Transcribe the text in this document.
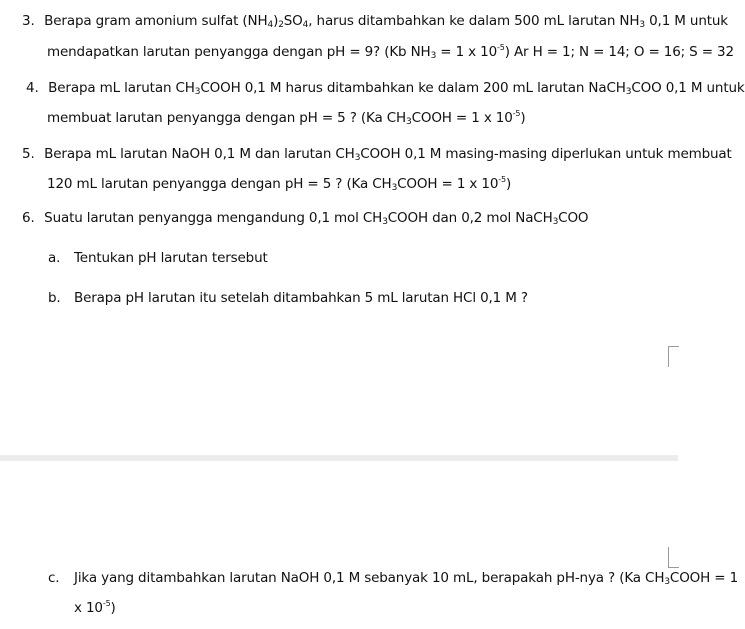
3. Berapa gram amonium sulfat $(NH_4)_2SO_4$, harus ditambahkan ke dalam 500 mL larutan $NH_3$ 0,1 M untuk
mendapatkan larutan penyangga dengan pH = 9? (Kb $NH_3 = 1$ x $10^{-5}$) Ar H = 1; N = 14; O = 16; S = 32
4. Berapa mL larutan $CH_3COOH$ 0,1 M harus ditambahkan ke dalam 200 mL larutan NaCH$_3$COO 0,1 M untuk
membuat larutan penyangga dengan pH = 5 ? (Ka $CH_3COOH = 1$ x $10^{-5}$)
5. Berapa mL larutan NaOH 0,1 M dan larutan $CH_3COOH$ 0,1 M masing-masing diperlukan untuk membuat
120 mL larutan penyangga dengan pH = 5 ? (Ka $CH_3COOH = 1$ x $10^{-5}$)
6. Suatu larutan penyangga mengandung 0,1 mol $CH_3COOH$ dan 0,2 mol NaCH$_3$COO
a. Tentukan pH larutan tersebut
b. Berapa pH larutan itu setelah ditambahkan 5 mL larutan HCl 0,1 M ?
c. Jika yang ditambahkan larutan NaOH 0,1 M sebanyak 10 mL, berapakah pH-nya ? (Ka $CH_3COOH = 1$
x $10^{-5}$)
